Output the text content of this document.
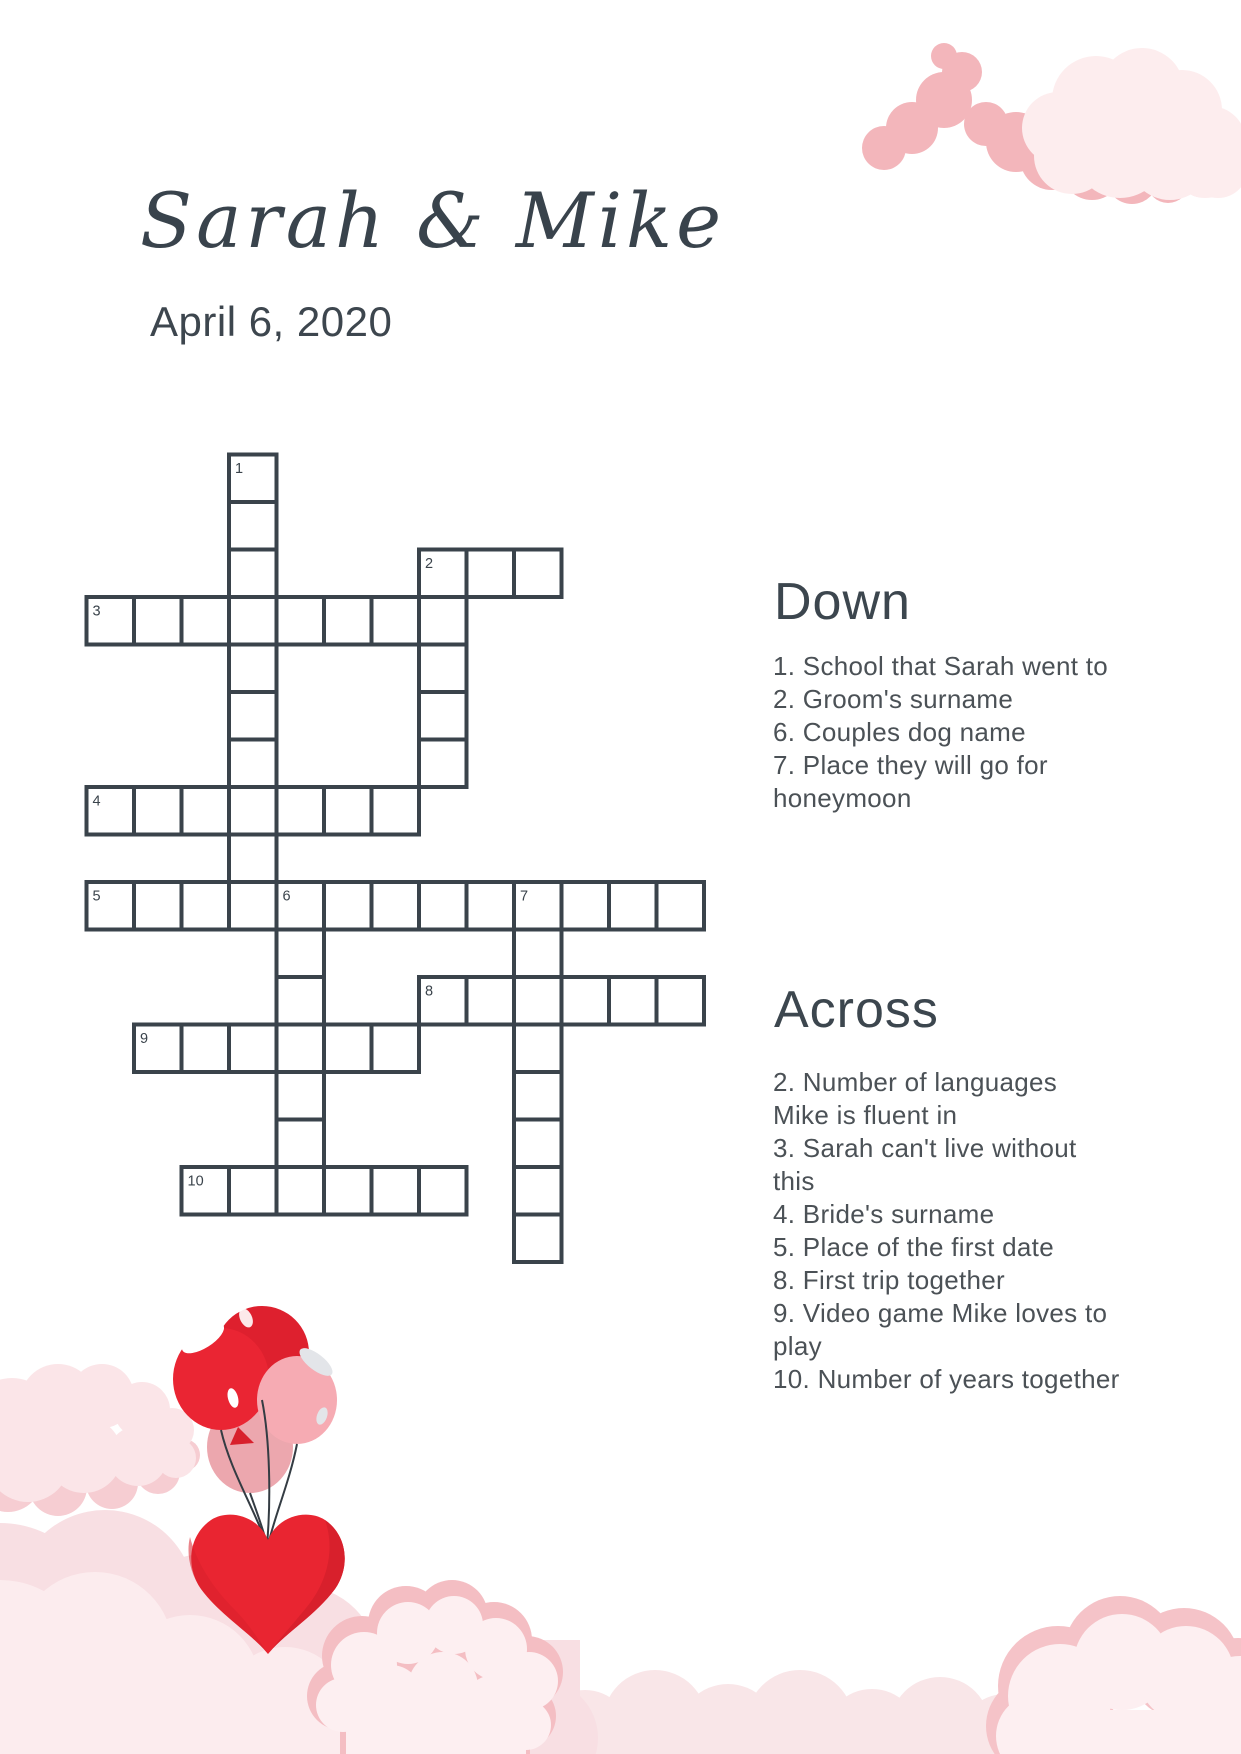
Sarah & Mike
April 6, 2020
1
2
3
4
5	6	7
8
9
10
Down
1. School that Sarah went to
2. Groom's surname
6. Couples dog name
7. Place they will go for
honeymoon
Across
2. Number of languages
Mike is fluent in
3. Sarah can't live without
this
4. Bride's surname
5. Place of the first date
8. First trip together
9. Video game Mike loves to
play
10. Number of years together
